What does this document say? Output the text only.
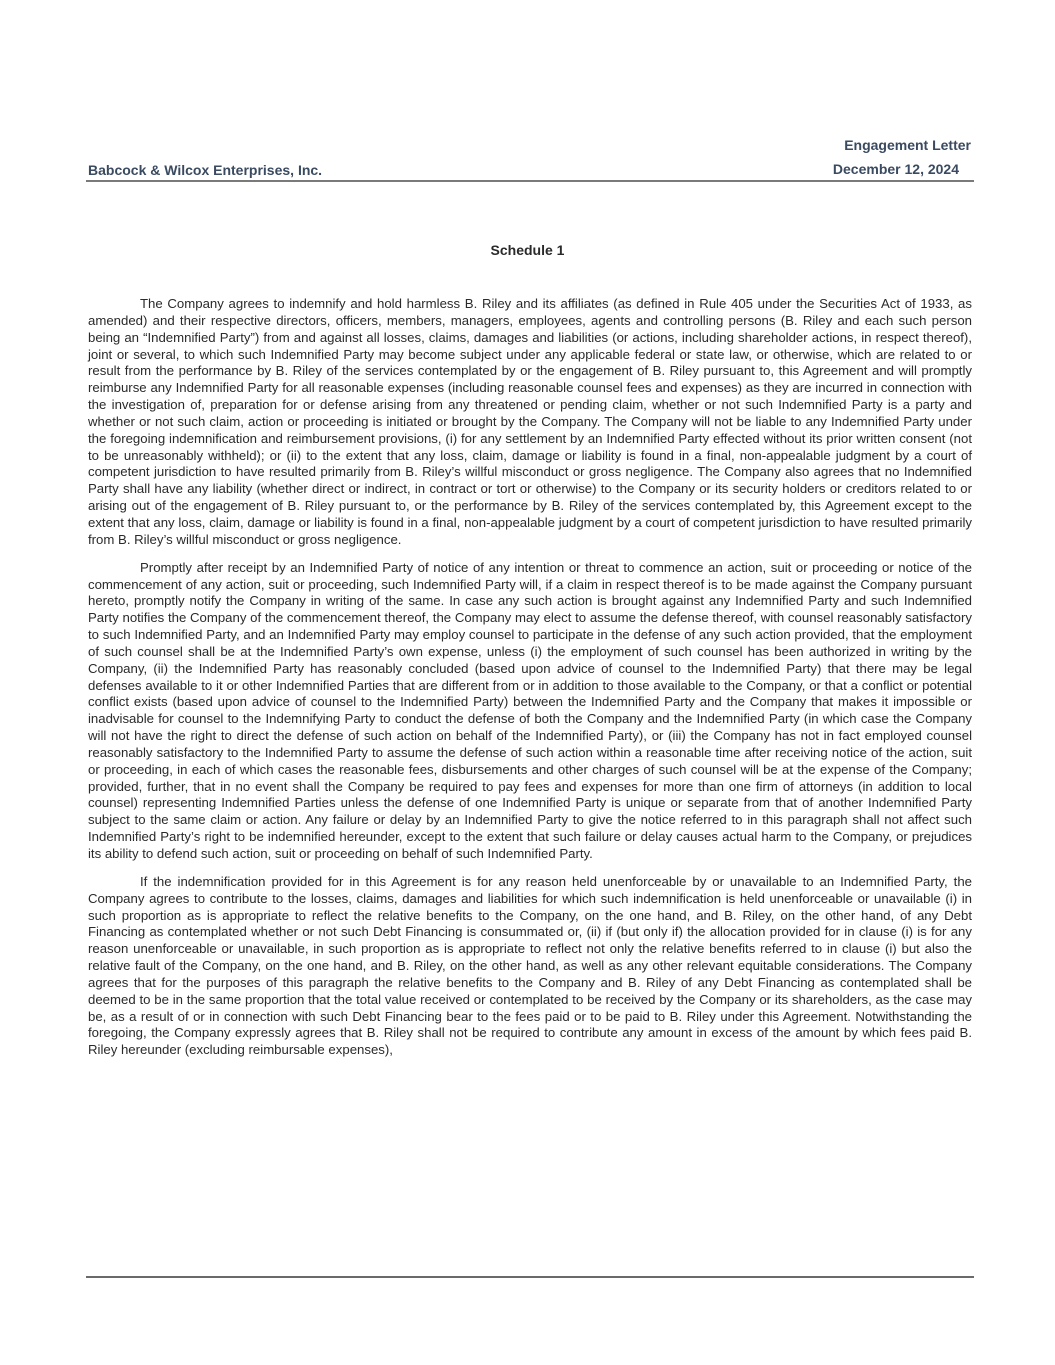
Engagement Letter
December 12, 2024
Babcock & Wilcox Enterprises, Inc.
Schedule 1

The Company agrees to indemnify and hold harmless B. Riley and its affiliates (as defined in Rule 405 under the Securities Act of 1933, as amended) and their respective directors, officers, members, managers, employees, agents and controlling persons (B. Riley and each such person being an “Indemnified Party”) from and against all losses, claims, damages and liabilities (or actions, including shareholder actions, in respect thereof), joint or several, to which such Indemnified Party may become subject under any applicable federal or state law, or otherwise, which are related to or result from the performance by B. Riley of the services contemplated by or the engagement of B. Riley pursuant to, this Agreement and will promptly reimburse any Indemnified Party for all reasonable expenses (including reasonable counsel fees and expenses) as they are incurred in connection with the investigation of, preparation for or defense arising from any threatened or pending claim, whether or not such Indemnified Party is a party and whether or not such claim, action or proceeding is initiated or brought by the Company. The Company will not be liable to any Indemnified Party under the foregoing indemnification and reimbursement provisions, (i) for any settlement by an Indemnified Party effected without its prior written consent (not to be unreasonably withheld); or (ii) to the extent that any loss, claim, damage or liability is found in a final, non-appealable judgment by a court of competent jurisdiction to have resulted primarily from B. Riley’s willful misconduct or gross negligence. The Company also agrees that no Indemnified Party shall have any liability (whether direct or indirect, in contract or tort or otherwise) to the Company or its security holders or creditors related to or arising out of the engagement of B. Riley pursuant to, or the performance by B. Riley of the services contemplated by, this Agreement except to the extent that any loss, claim, damage or liability is found in a final, non-appealable judgment by a court of competent jurisdiction to have resulted primarily from B. Riley’s willful misconduct or gross negligence.

Promptly after receipt by an Indemnified Party of notice of any intention or threat to commence an action, suit or proceeding or notice of the commencement of any action, suit or proceeding, such Indemnified Party will, if a claim in respect thereof is to be made against the Company pursuant hereto, promptly notify the Company in writing of the same. In case any such action is brought against any Indemnified Party and such Indemnified Party notifies the Company of the commencement thereof, the Company may elect to assume the defense thereof, with counsel reasonably satisfactory to such Indemnified Party, and an Indemnified Party may employ counsel to participate in the defense of any such action provided, that the employment of such counsel shall be at the Indemnified Party’s own expense, unless (i) the employment of such counsel has been authorized in writing by the Company, (ii) the Indemnified Party has reasonably concluded (based upon advice of counsel to the Indemnified Party) that there may be legal defenses available to it or other Indemnified Parties that are different from or in addition to those available to the Company, or that a conflict or potential conflict exists (based upon advice of counsel to the Indemnified Party) between the Indemnified Party and the Company that makes it impossible or inadvisable for counsel to the Indemnifying Party to conduct the defense of both the Company and the Indemnified Party (in which case the Company will not have the right to direct the defense of such action on behalf of the Indemnified Party), or (iii) the Company has not in fact employed counsel reasonably satisfactory to the Indemnified Party to assume the defense of such action within a reasonable time after receiving notice of the action, suit or proceeding, in each of which cases the reasonable fees, disbursements and other charges of such counsel will be at the expense of the Company; provided, further, that in no event shall the Company be required to pay fees and expenses for more than one firm of attorneys (in addition to local counsel) representing Indemnified Parties unless the defense of one Indemnified Party is unique or separate from that of another Indemnified Party subject to the same claim or action. Any failure or delay by an Indemnified Party to give the notice referred to in this paragraph shall not affect such Indemnified Party’s right to be indemnified hereunder, except to the extent that such failure or delay causes actual harm to the Company, or prejudices its ability to defend such action, suit or proceeding on behalf of such Indemnified Party.

If the indemnification provided for in this Agreement is for any reason held unenforceable by or unavailable to an Indemnified Party, the Company agrees to contribute to the losses, claims, damages and liabilities for which such indemnification is held unenforceable or unavailable (i) in such proportion as is appropriate to reflect the relative benefits to the Company, on the one hand, and B. Riley, on the other hand, of any Debt Financing as contemplated whether or not such Debt Financing is consummated or, (ii) if (but only if) the allocation provided for in clause (i) is for any reason unenforceable or unavailable, in such proportion as is appropriate to reflect not only the relative benefits referred to in clause (i) but also the relative fault of the Company, on the one hand, and B. Riley, on the other hand, as well as any other relevant equitable considerations. The Company agrees that for the purposes of this paragraph the relative benefits to the Company and B. Riley of any Debt Financing as contemplated shall be deemed to be in the same proportion that the total value received or contemplated to be received by the Company or its shareholders, as the case may be, as a result of or in connection with such Debt Financing bear to the fees paid or to be paid to B. Riley under this Agreement. Notwithstanding the foregoing, the Company expressly agrees that B. Riley shall not be required to contribute any amount in excess of the amount by which fees paid B. Riley hereunder (excluding reimbursable expenses),
